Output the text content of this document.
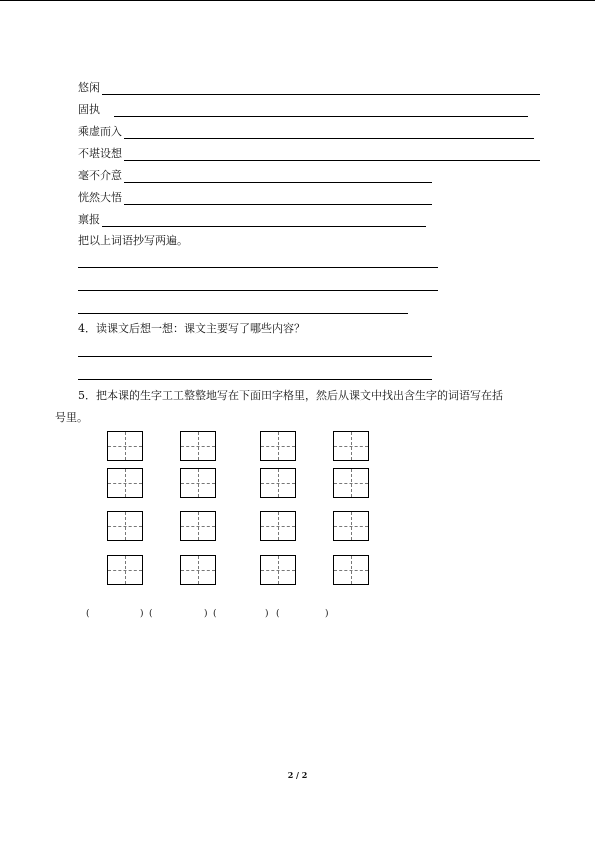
悠闲
固执
乘虚而入
不堪设想
毫不介意
恍然大悟
禀报
把以上词语抄写两遍。
4．读课文后想一想：课文主要写了哪些内容？
5．把本课的生字工工整整地写在下面田字格里，然后从课文中找出含生字的词语写在括
号里。
(	) (	) (	) (	)
2 / 2
